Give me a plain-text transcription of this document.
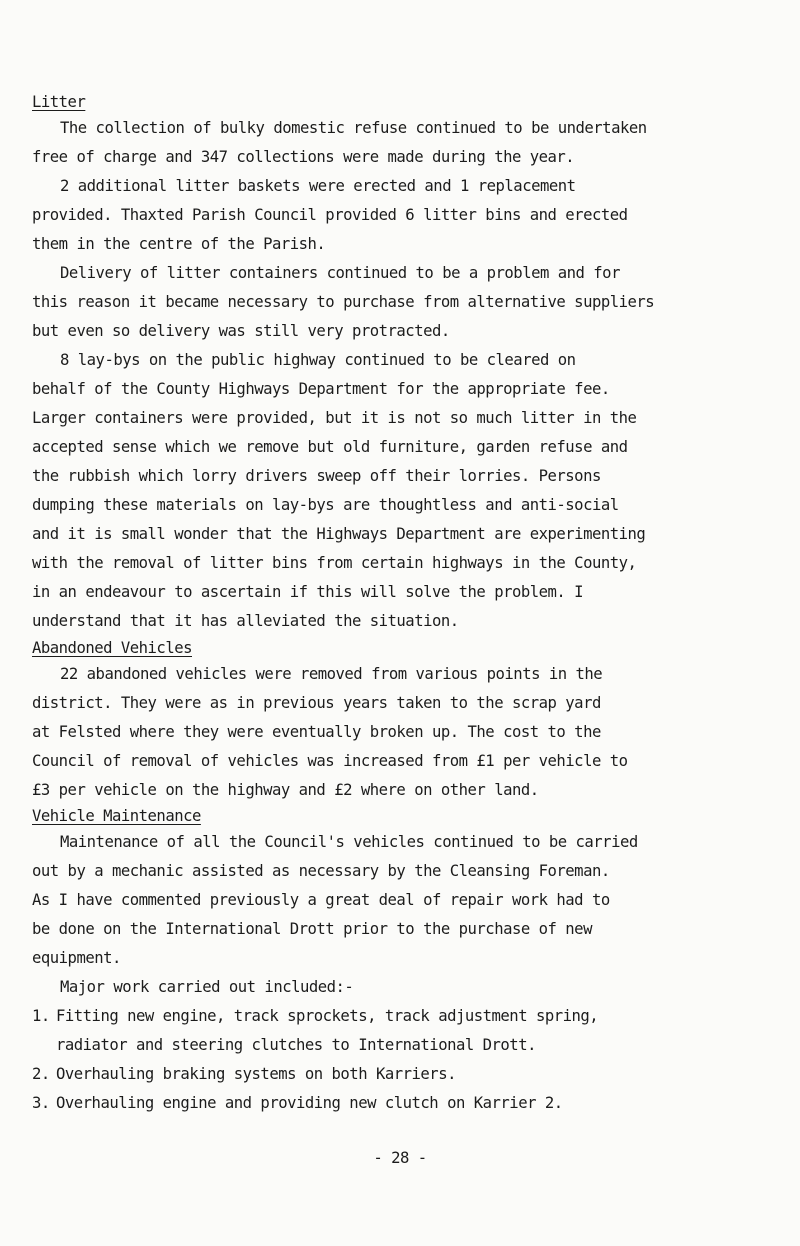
Litter
The collection of bulky domestic refuse continued to be undertaken
free of charge and 347 collections were made during the year.
2 additional litter baskets were erected and 1 replacement
provided. Thaxted Parish Council provided 6 litter bins and erected
them in the centre of the Parish.
Delivery of litter containers continued to be a problem and for
this reason it became necessary to purchase from alternative suppliers
but even so delivery was still very protracted.
8 lay-bys on the public highway continued to be cleared on
behalf of the County Highways Department for the appropriate fee.
Larger containers were provided, but it is not so much litter in the
accepted sense which we remove but old furniture, garden refuse and
the rubbish which lorry drivers sweep off their lorries. Persons
dumping these materials on lay-bys are thoughtless and anti-social
and it is small wonder that the Highways Department are experimenting
with the removal of litter bins from certain highways in the County,
in an endeavour to ascertain if this will solve the problem. I
understand that it has alleviated the situation.
Abandoned Vehicles
22 abandoned vehicles were removed from various points in the
district. They were as in previous years taken to the scrap yard
at Felsted where they were eventually broken up. The cost to the
Council of removal of vehicles was increased from £1 per vehicle to
£3 per vehicle on the highway and £2 where on other land.
Vehicle Maintenance
Maintenance of all the Council's vehicles continued to be carried
out by a mechanic assisted as necessary by the Cleansing Foreman.
As I have commented previously a great deal of repair work had to
be done on the International Drott prior to the purchase of new
equipment.
Major work carried out included:-
1. Fitting new engine, track sprockets, track adjustment spring,
radiator and steering clutches to International Drott.
2. Overhauling braking systems on both Karriers.
3. Overhauling engine and providing new clutch on Karrier 2.
- 28 -
